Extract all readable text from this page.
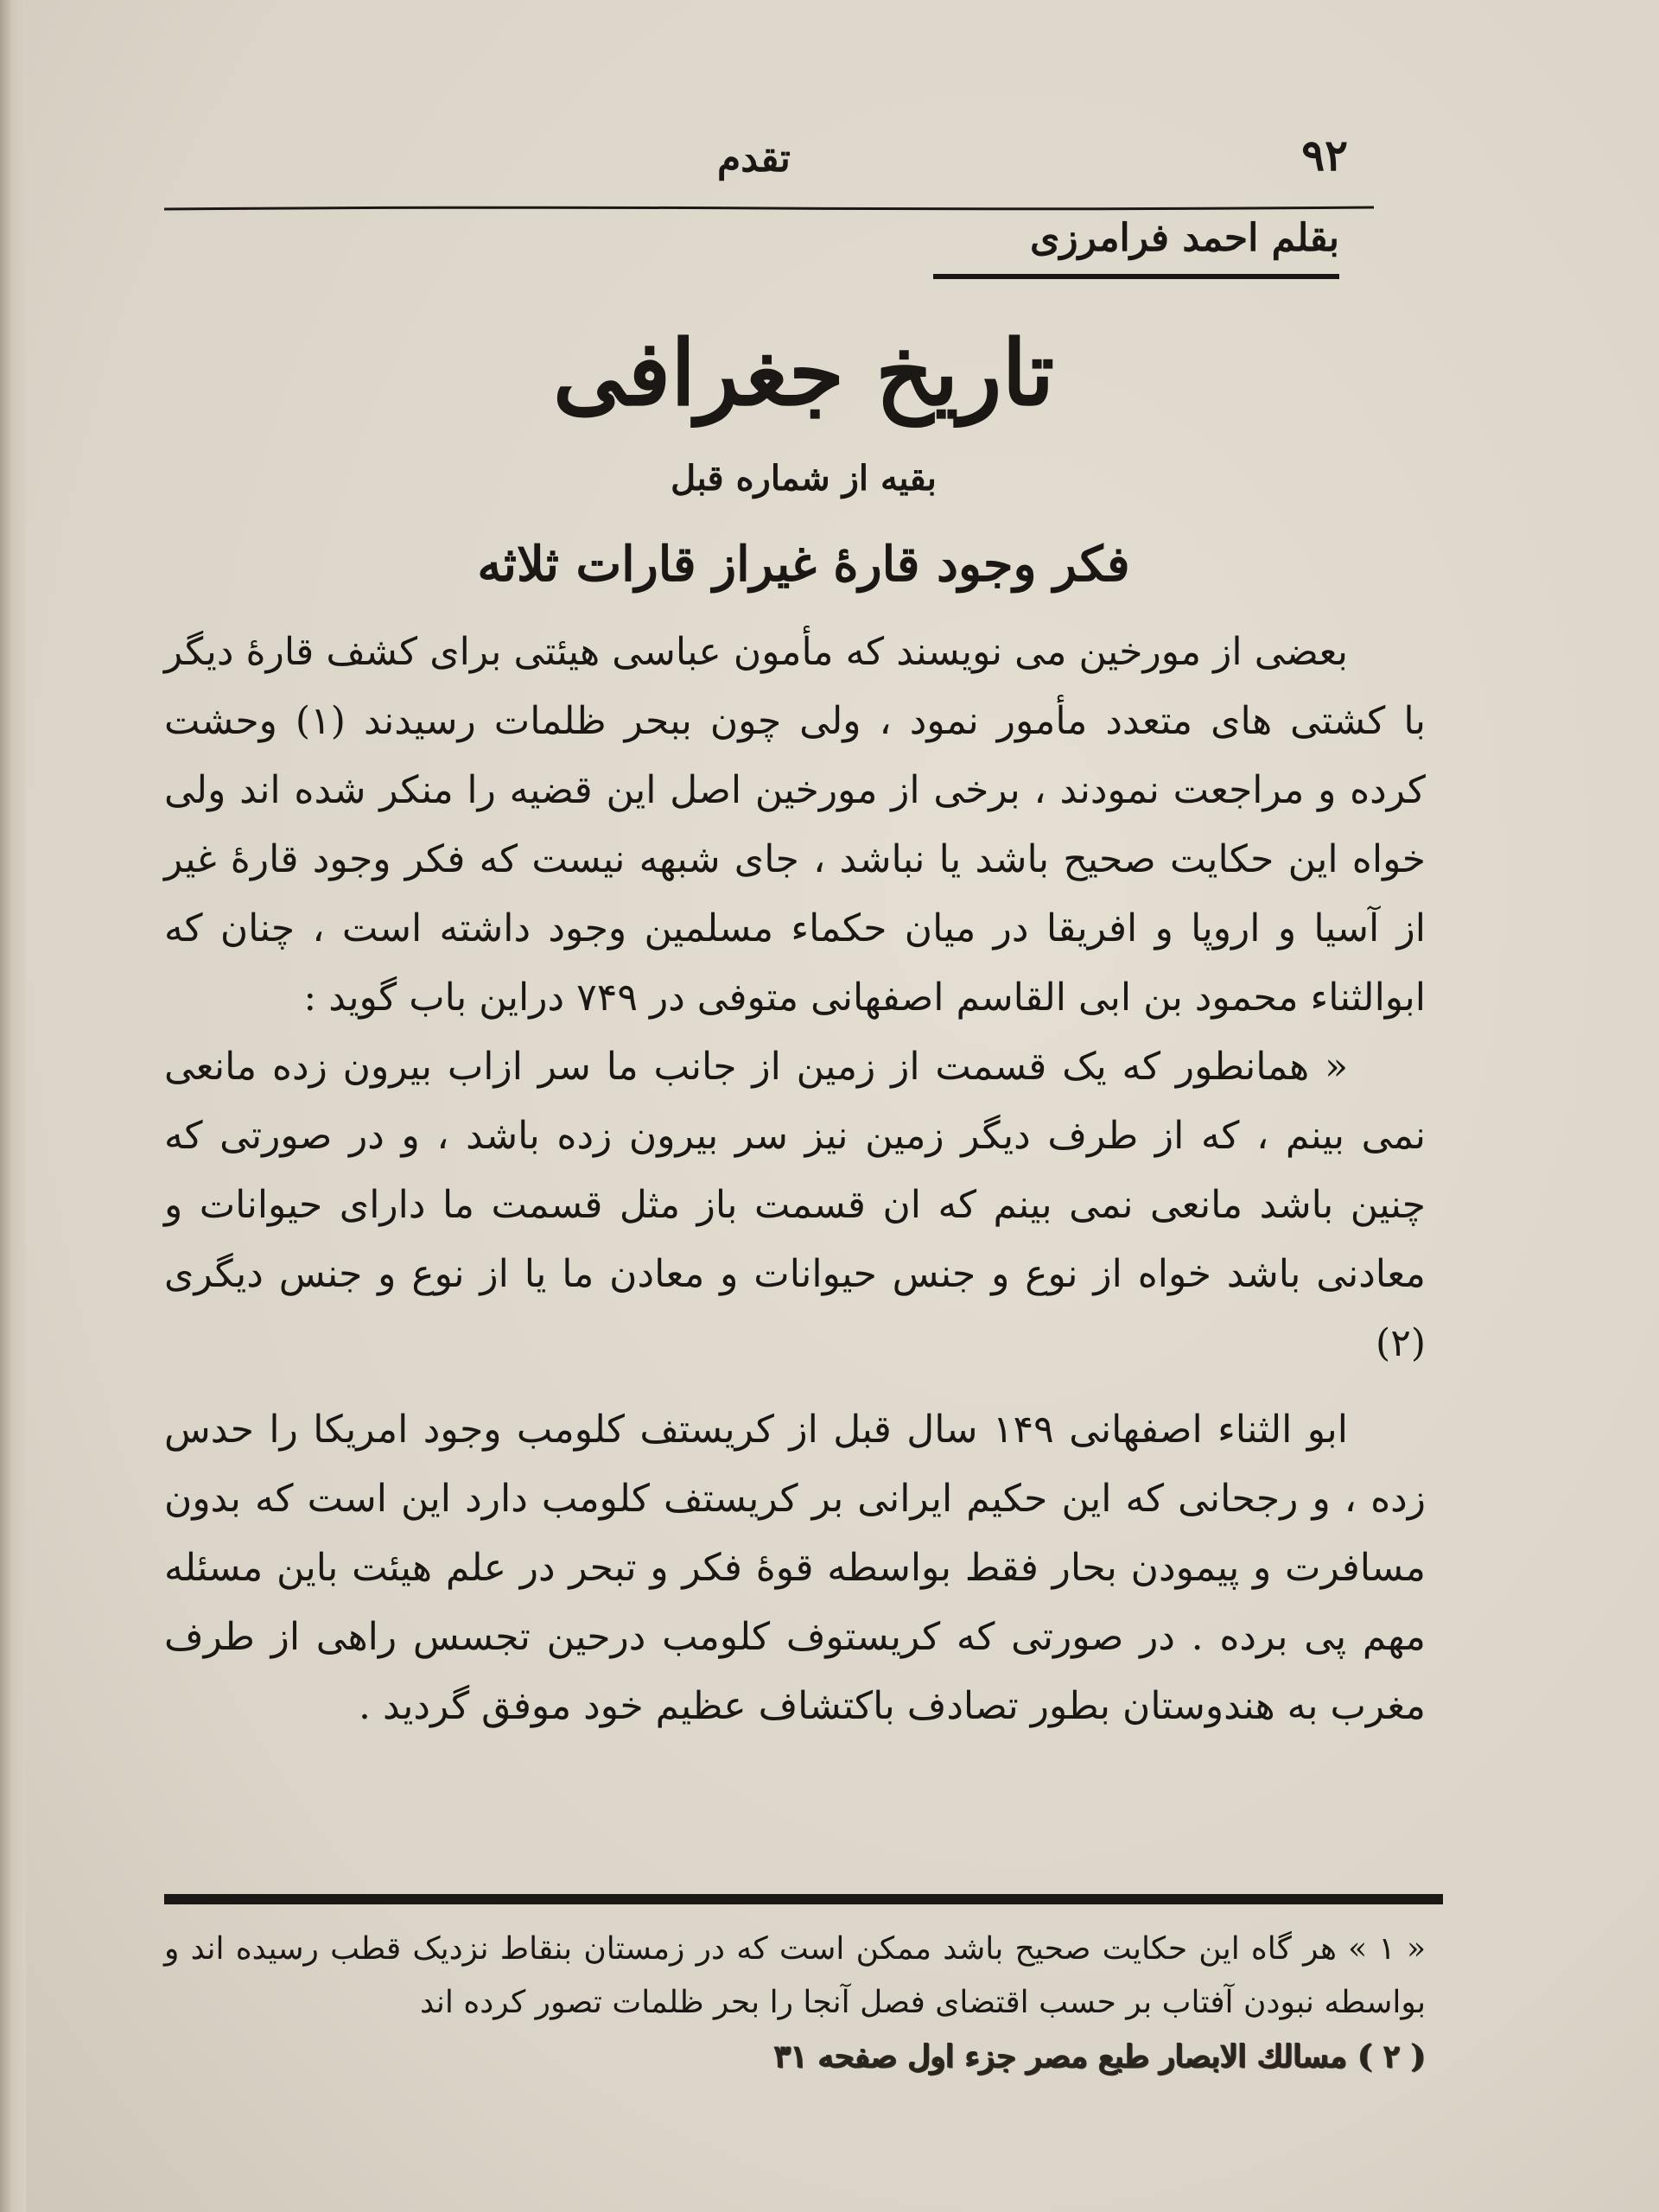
۹۲
تقدم
بقلم احمد فرامرزی
تاریخ جغرافی
بقیه از شماره قبل
فکر وجود قارهٔ غیراز قارات ثلاثه

بعضی از مورخین می نویسند که مأمون عباسی هیئتی برای کشف قارهٔ دیگر با کشتی های متعدد مأمور نمود ، ولی چون ببحر ظلمات رسیدند (۱) وحشت کرده و مراجعت نمودند ، برخی از مورخین اصل این قضیه را منکر شده اند ولی خواه این حکایت صحیح باشد یا نباشد ، جای شبهه نیست که فکر وجود قارهٔ غیر از آسیا و اروپا و افریقا در میان حکماء مسلمین وجود داشته است ، چنان که ابوالثناء محمود بن ابی القاسم اصفهانی متوفی در ۷۴۹ دراین باب گوید :

« همانطور که یک قسمت از زمین از جانب ما سر ازاب بیرون زده مانعی نمی بینم ، که از طرف دیگر زمین نیز سر بیرون زده باشد ، و در صورتی که چنین باشد مانعی نمی بینم که ان قسمت باز مثل قسمت ما دارای حیوانات و معادنی باشد خواه از نوع و جنس حیوانات و معادن ما یا از نوع و جنس دیگری (۲)

ابو الثناء اصفهانی ۱۴۹ سال قبل از کریستف کلومب وجود امریکا را حدس زده ، و رجحانی که این حکیم ایرانی بر کریستف کلومب دارد این است که بدون مسافرت و پیمودن بحار فقط بواسطه قوهٔ فکر و تبحر در علم هیئت باین مسئله مهم پی برده . در صورتی که کریستوف کلومب درحین تجسس راهی از طرف مغرب به هندوستان بطور تصادف باکتشاف عظیم خود موفق گردید .

« ۱ » هر گاه این حکایت صحیح باشد ممکن است که در زمستان بنقاط نزدیک قطب رسیده اند و بواسطه نبودن آفتاب بر حسب اقتضای فصل آنجا را بحر ظلمات تصور کرده اند

( ۲ ) مسالك الابصار طبع مصر جزء اول صفحه ۳۱
